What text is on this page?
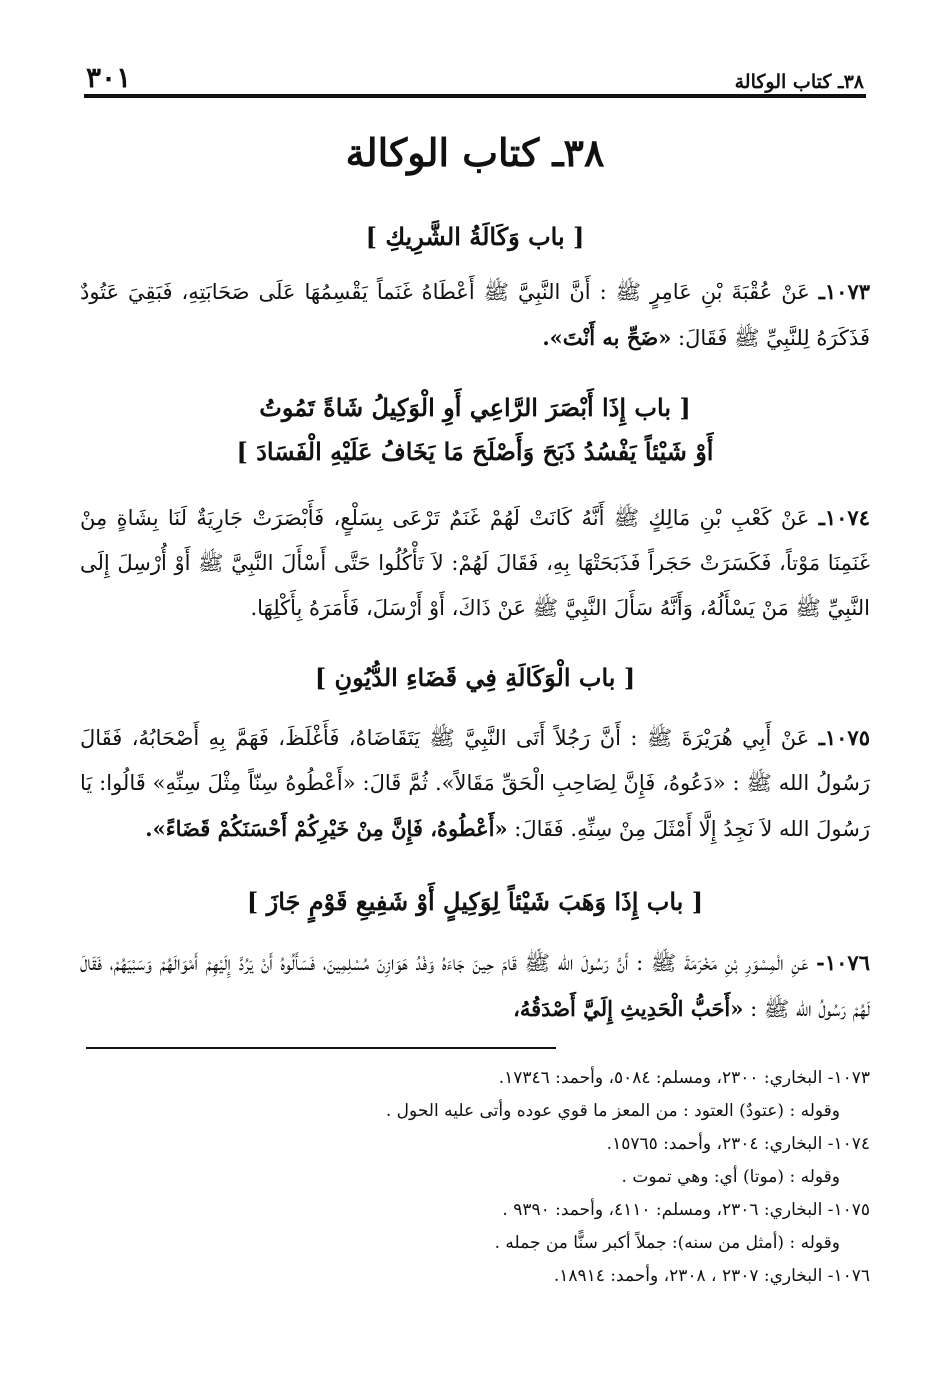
٣٨ـ كتاب الوكالة
٣٠١
٣٨ـ كتاب الوكالة
[ باب وَكَالَةُ الشَّرِيكِ ]
١٠٧٣ـ عَنْ عُقْبَةَ بْنِ عَامِرٍ ﷺ : أَنَّ النَّبِيَّ ﷺ أَعْطَاهُ غَنَماً يَقْسِمُهَا عَلَى صَحَابَتِهِ، فَبَقِيَ عَتُودٌ فَذَكَرَهُ لِلنَّبِيِّ ﷺ فَقَالَ: «ضَحِّ به أَنْتَ».
[ باب إِذَا أَبْصَرَ الرَّاعِي أَوِ الْوَكِيلُ شَاةً تَمُوتُ
أَوْ شَيْئاً يَفْسُدُ ذَبَحَ وَأَصْلَحَ مَا يَخَافُ عَلَيْهِ الْفَسَادَ ]
١٠٧٤ـ عَنْ كَعْبِ بْنِ مَالِكٍ ﷺ أَنَّهُ كَانَتْ لَهُمْ غَنَمٌ تَرْعَى بِسَلْعٍ، فَأَبْصَرَتْ جَارِيَةٌ لَنَا بِشَاةٍ مِنْ غَنَمِنَا مَوْتاً، فَكَسَرَتْ حَجَراً فَذَبَحَتْهَا بِهِ، فَقَالَ لَهُمْ: لاَ تَأْكُلُوا حَتَّى أَسْأَلَ النَّبِيَّ ﷺ أَوْ أُرْسِلَ إِلَى النَّبِيِّ ﷺ مَنْ يَسْأَلُهُ، وَأَنَّهُ سَأَلَ النَّبِيَّ ﷺ عَنْ ذَاكَ، أَوْ أَرْسَلَ، فَأَمَرَهُ بِأَكْلِهَا.
[ باب الْوَكَالَةِ فِي قَضَاءِ الدُّيُونِ ]
١٠٧٥ـ عَنْ أَبِي هُرَيْرَةَ ﷺ : أَنَّ رَجُلاً أَتَى النَّبِيَّ ﷺ يَتَقَاضَاهُ، فَأَغْلَظَ، فَهَمَّ بِهِ أَصْحَابُهُ، فَقَالَ رَسُولُ الله ﷺ : «دَعُوهُ، فَإِنَّ لِصَاحِبِ الْحَقِّ مَقَالاً». ثُمَّ قَالَ: «أَعْطُوهُ سِنّاً مِثْلَ سِنِّهِ» قَالُوا: يَا رَسُولَ الله لاَ نَجِدُ إِلَّا أَمْثَلَ مِنْ سِنِّهِ. فَقَالَ: «أَعْطُوهُ، فَإِنَّ مِنْ خَيْرِكُمْ أَحْسَنَكُمْ قَضَاءً».
[ باب إِذَا وَهَبَ شَيْئاً لِوَكِيلٍ أَوْ شَفِيعِ قَوْمٍ جَازَ ]
١٠٧٦- عَنِ الْمِسْوَرِ بْنِ مَخْرَمَةَ ﷺ : أَنَّ رَسُولَ الله ﷺ قَامَ حِينَ جَاءَهُ وَفْدُ هَوَازِنَ مُسْلِمِينَ، فَسَأَلُوهُ أَنْ يَرُدَّ إِلَيْهِمْ أَمْوَالَهُمْ وَسَبْيَهُمْ، فَقَالَ لَهُمْ رَسُولُ الله ﷺ : «أَحَبُّ الْحَدِيثِ إِلَيَّ أَصْدَقُهُ،
١٠٧٣- البخاري: ٢٣٠٠، ومسلم: ٥٠٨٤، وأحمد: ١٧٣٤٦.
وقوله : (عتودٌ) العتود : من المعز ما قوي عوده وأتى عليه الحول .
١٠٧٤- البخاري: ٢٣٠٤، وأحمد: ١٥٧٦٥.
وقوله : (موتا) أي: وهي تموت .
١٠٧٥- البخاري: ٢٣٠٦، ومسلم: ٤١١٠، وأحمد: ٩٣٩٠ .
وقوله : (أمثل من سنه): جملاً أكبر سنًّا من جمله .
١٠٧٦- البخاري: ٢٣٠٧ ، ٢٣٠٨، وأحمد: ١٨٩١٤.
